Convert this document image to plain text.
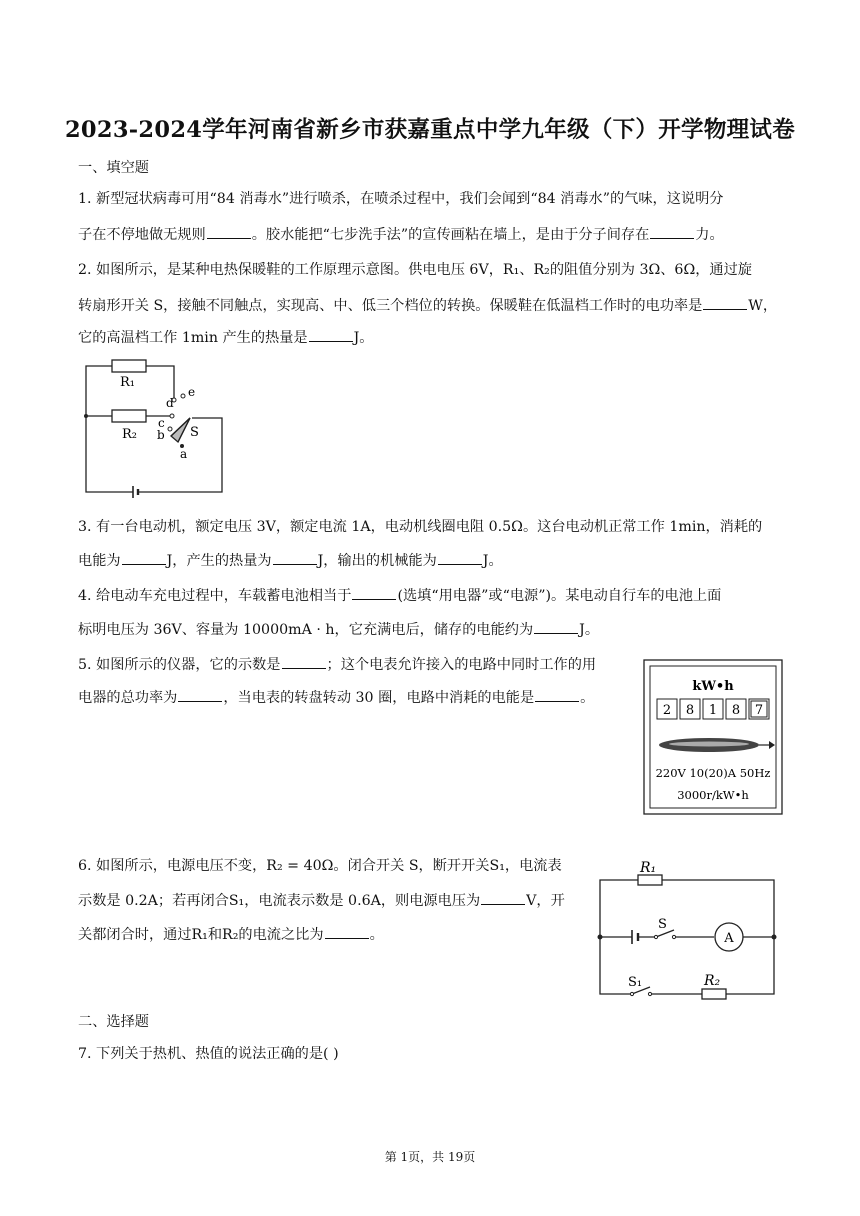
2023-2024学年河南省新乡市获嘉重点中学九年级（下）开学物理试卷
一、填空题
1. 新型冠状病毒可用“84 消毒水”进行喷杀，在喷杀过程中，我们会闻到“84 消毒水”的气味，这说明分
子在不停地做无规则	。胶水能把“七步洗手法”的宣传画粘在墙上，是由于分子间存在	力。
2. 如图所示，是某种电热保暖鞋的工作原理示意图。供电电压 6V，R₁、R₂的阻值分别为 3Ω、6Ω，通过旋
转扇形开关 S，接触不同触点，实现高、中、低三个档位的转换。保暖鞋在低温档工作时的电功率是	W，
它的高温档工作 1min 产生的热量是	J。
R₁
R₂
e
d
c
b S
a
3. 有一台电动机，额定电压 3V，额定电流 1A，电动机线圈电阻 0.5Ω。这台电动机正常工作 1min，消耗的
电能为	J，产生的热量为	J，输出的机械能为	J。
4. 给电动车充电过程中，车载蓄电池相当于	(选填“用电器”或“电源”)。某电动自行车的电池上面
标明电压为 36V、容量为 10000mA · h，它充满电后，储存的电能约为	J。
5. 如图所示的仪器，它的示数是	；这个电表允许接入的电路中同时工作的用
电器的总功率为	，当电表的转盘转动 30 圈，电路中消耗的电能是	。
kW•h
2 8 1 8 7
220V 10(20)A 50Hz
3000r/kW•h
6. 如图所示，电源电压不变，R₂ = 40Ω。闭合开关 S，断开开关S₁，电流表
示数是 0.2A；若再闭合S₁，电流表示数是 0.6A，则电源电压为	V，开
关都闭合时，通过R₁和R₂的电流之比为	。
R₁
S
A
S₁	R₂
二、选择题
7. 下列关于热机、热值的说法正确的是( )
第 1页，共 19页
